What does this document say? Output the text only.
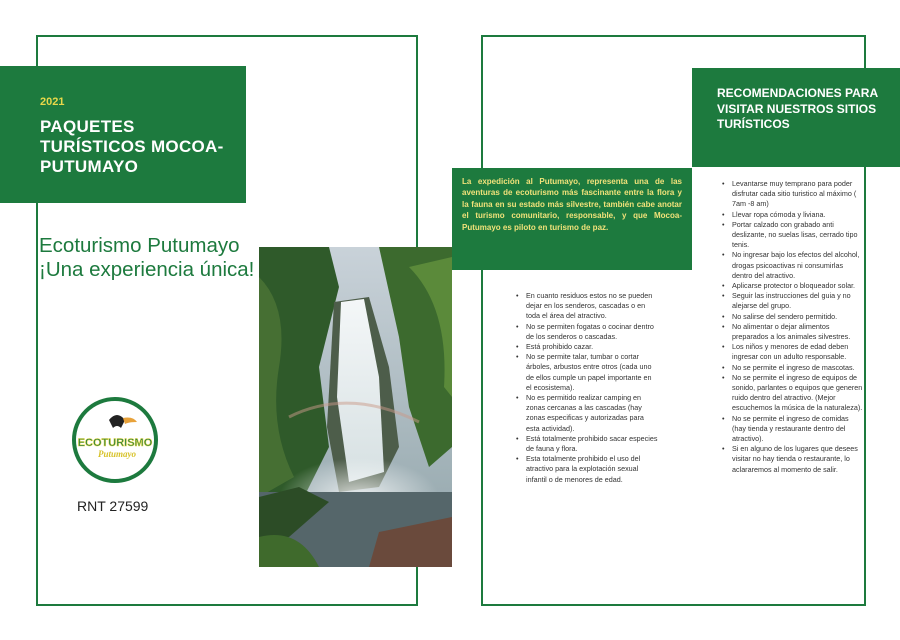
2021
PAQUETES TURÍSTICOS MOCOA-PUTUMAYO
Ecoturismo Putumayo ¡Una experiencia única!
ECOTURISMO
Putumayo
RNT 27599
La expedición al Putumayo, representa una de las aventuras de ecoturismo más fascinante entre la flora y la fauna en su estado más silvestre, también cabe anotar el turismo comunitario, responsable, y que Mocoa-Putumayo es piloto en turismo de paz.
• En cuanto residuos estos no se pueden dejar en los senderos, cascadas o en toda el área del atractivo.
• No se permiten fogatas o cocinar dentro de los senderos o cascadas.
• Está prohibido cazar.
• No se permite talar, tumbar o cortar árboles, arbustos entre otros (cada uno de ellos cumple un papel importante en el ecosistema).
• No es permitido realizar camping en zonas cercanas a las cascadas (hay zonas especificas y autorizadas para esta actividad).
• Está totalmente prohibido sacar especies de fauna y flora.
• Esta totalmente prohibido el uso del atractivo para la explotación sexual infantil o de menores de edad.
RECOMENDACIONES PARA VISITAR NUESTROS SITIOS TURÍSTICOS
• Levantarse muy temprano para poder disfrutar cada sitio turistico al máximo ( 7am -8 am)
• Llevar ropa cómoda y liviana.
• Portar calzado con grabado anti deslizante, no suelas lisas, cerrado tipo tenis.
• No ingresar bajo los efectos del alcohol, drogas psicoactivas ni consumirlas dentro del atractivo.
• Aplicarse protector o bloqueador solar.
• Seguir las instrucciones del guia y no alejarse del grupo.
• No salirse del sendero permitido.
• No alimentar o dejar alimentos preparados a los animales silvestres.
• Los niños y menores de edad deben ingresar con un adulto responsable.
• No se permite el ingreso de mascotas.
• No se permite el ingreso de equipos de sonido, parlantes o equipos que generen ruido dentro del atractivo. (Mejor escuchemos la música de la naturaleza).
• No se permite el ingreso de comidas (hay tienda y restaurante dentro del atractivo).
• Si en alguno de los lugares que desees visitar no hay tienda o restaurante, lo aclararemos al momento de salir.
